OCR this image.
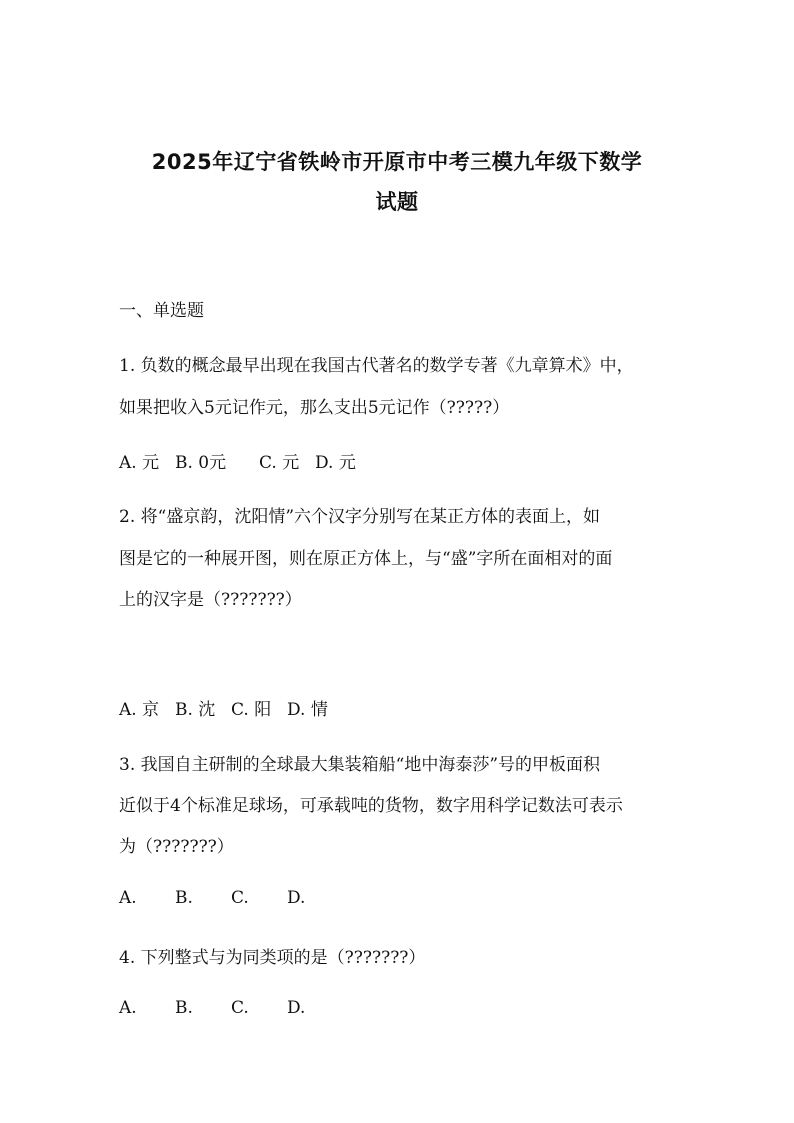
2025年辽宁省铁岭市开原市中考三模九年级下数学
试题
一、单选题
1. 负数的概念最早出现在我国古代著名的数学专著《九章算术》中，
如果把收入5元记作元，那么支出5元记作（?????）
A. 元 B. 0元 C. 元 D. 元
2. 将“盛京韵，沈阳情”六个汉字分别写在某正方体的表面上，如
图是它的一种展开图，则在原正方体上，与“盛”字所在面相对的面
上的汉字是（???????）
A. 京 B. 沈 C. 阳 D. 情
3. 我国自主研制的全球最大集装箱船“地中海泰莎”号的甲板面积
近似于4个标准足球场，可承载吨的货物，数字用科学记数法可表示
为（???????）
A. B. C. D.
4. 下列整式与为同类项的是（???????）
A. B. C. D.
